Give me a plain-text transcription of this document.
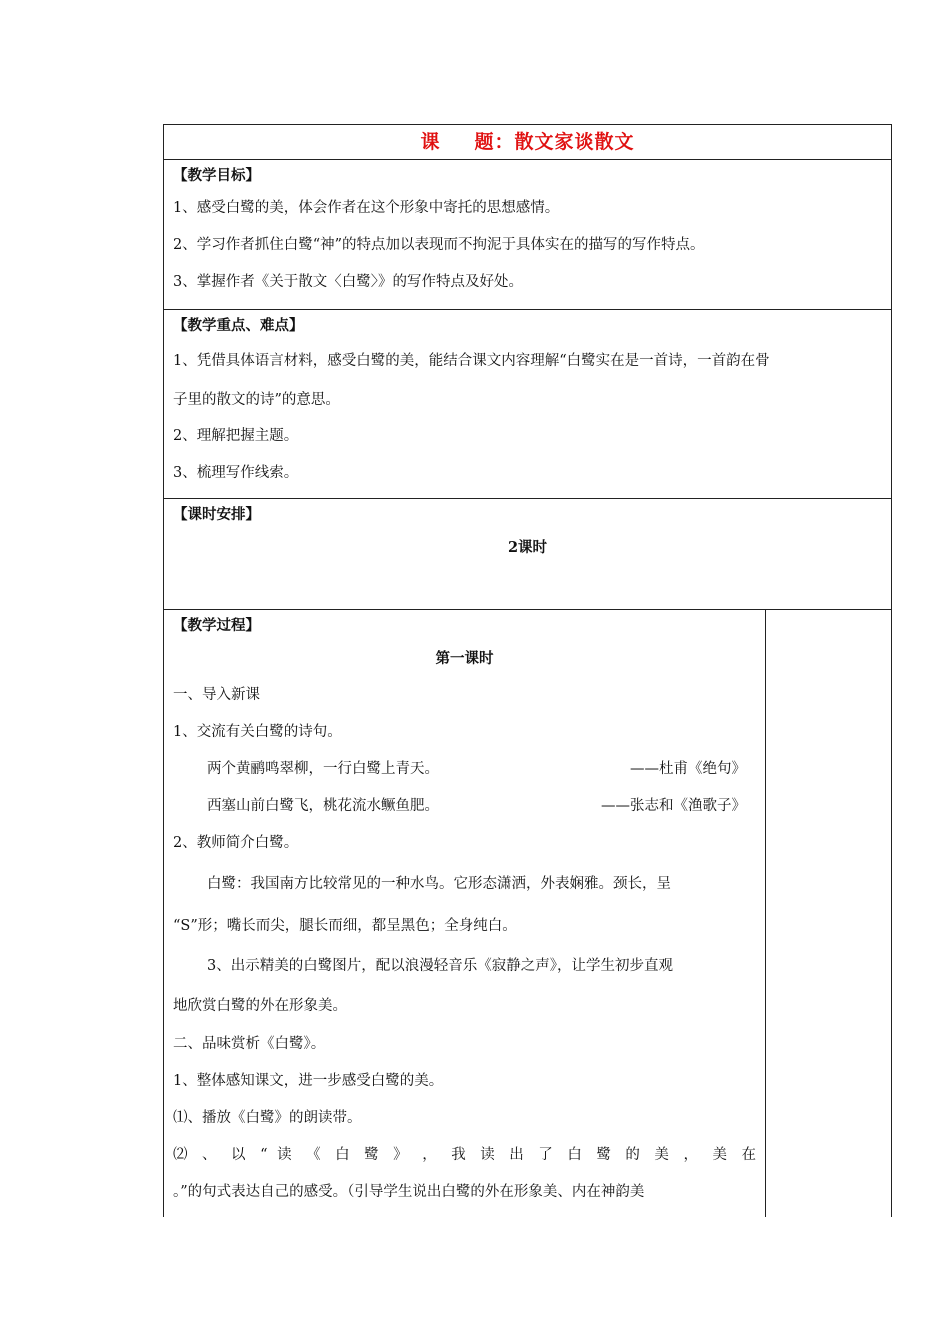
课 题：散文家谈散文

【教学目标】
1、感受白鹭的美，体会作者在这个形象中寄托的思想感情。
2、学习作者抓住白鹭“神”的特点加以表现而不拘泥于具体实在的描写的写作特点。
3、掌握作者《关于散文〈白鹭〉》的写作特点及好处。

【教学重点、难点】
1、凭借具体语言材料，感受白鹭的美，能结合课文内容理解“白鹭实在是一首诗，一首韵在骨
子里的散文的诗”的意思。
2、理解把握主题。
3、梳理写作线索。

【课时安排】
2课时

【教学过程】
第一课时
一、导入新课
1、交流有关白鹭的诗句。
两个黄鹂鸣翠柳，一行白鹭上青天。	——杜甫《绝句》
西塞山前白鹭飞，桃花流水鳜鱼肥。	——张志和《渔歌子》
2、教师简介白鹭。
白鹭：我国南方比较常见的一种水鸟。它形态潇洒，外表娴雅。颈长，呈
“S”形；嘴长而尖，腿长而细，都呈黑色；全身纯白。
3、出示精美的白鹭图片，配以浪漫轻音乐《寂静之声》，让学生初步直观
地欣赏白鹭的外在形象美。
二、品味赏析《白鹭》。
1、整体感知课文，进一步感受白鹭的美。
⑴、播放《白鹭》的朗读带。
⑵ 、 以 “ 读 《 白 鹭 》 ， 我 读 出 了 白 鹭 的 美 ， 美 在
。”的句式表达自己的感受。（引导学生说出白鹭的外在形象美、内在神韵美
